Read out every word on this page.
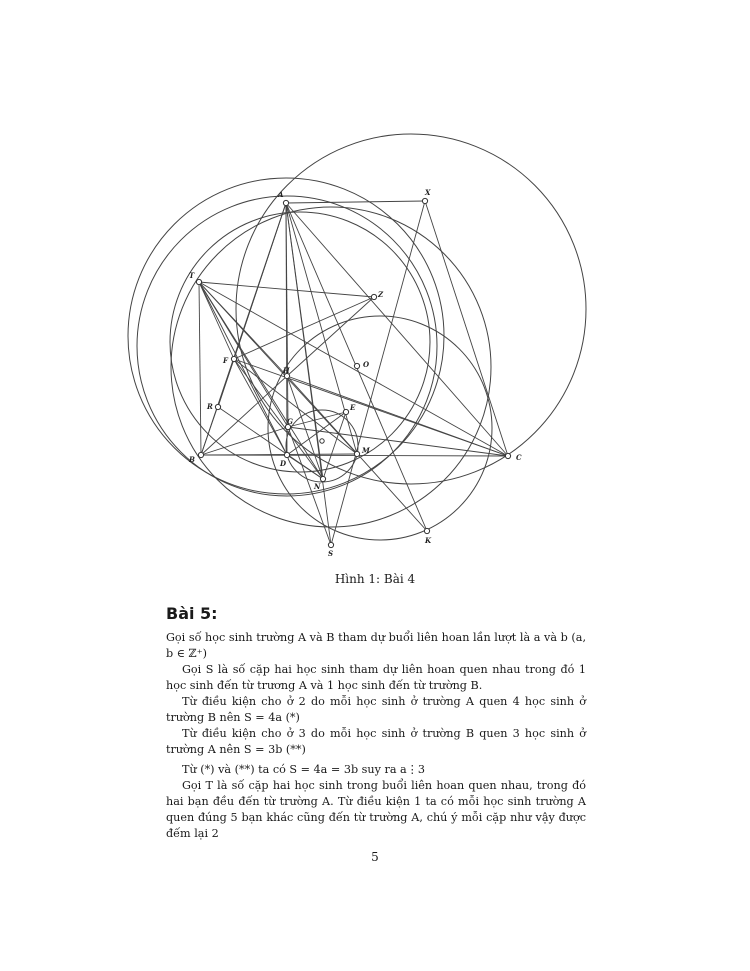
A	X
T
Z
F
H
O
R	E
G
B	D
M
C
N
K
S
Hình 1: Bài 4
Bài 5:
Gọi số học sinh trường A và B tham dự buổi liên hoan lần lượt là a và b (a, b ∈ ℤ⁺)
Gọi S là số cặp hai học sinh tham dự liên hoan quen nhau trong đó 1 học sinh đến từ trương A và 1 học sinh đến từ trường B.
Từ điều kiện cho ở 2 do mỗi học sinh ở trường A quen 4 học sinh ở trường B nên S = 4a (*)
Từ điều kiện cho ở 3 do mỗi học sinh ở trường B quen 3 học sinh ở trường A nên S = 3b (**)
Từ (*) và (**) ta có S = 4a = 3b suy ra a⋮3
Gọi T là số cặp hai học sinh trong buổi liên hoan quen nhau, trong đó hai bạn đều đến từ trường A. Từ điều kiện 1 ta có mỗi học sinh trường A quen đúng 5 bạn khác cũng đến từ trường A, chú ý mỗi cặp như vậy được đếm lại 2
5
